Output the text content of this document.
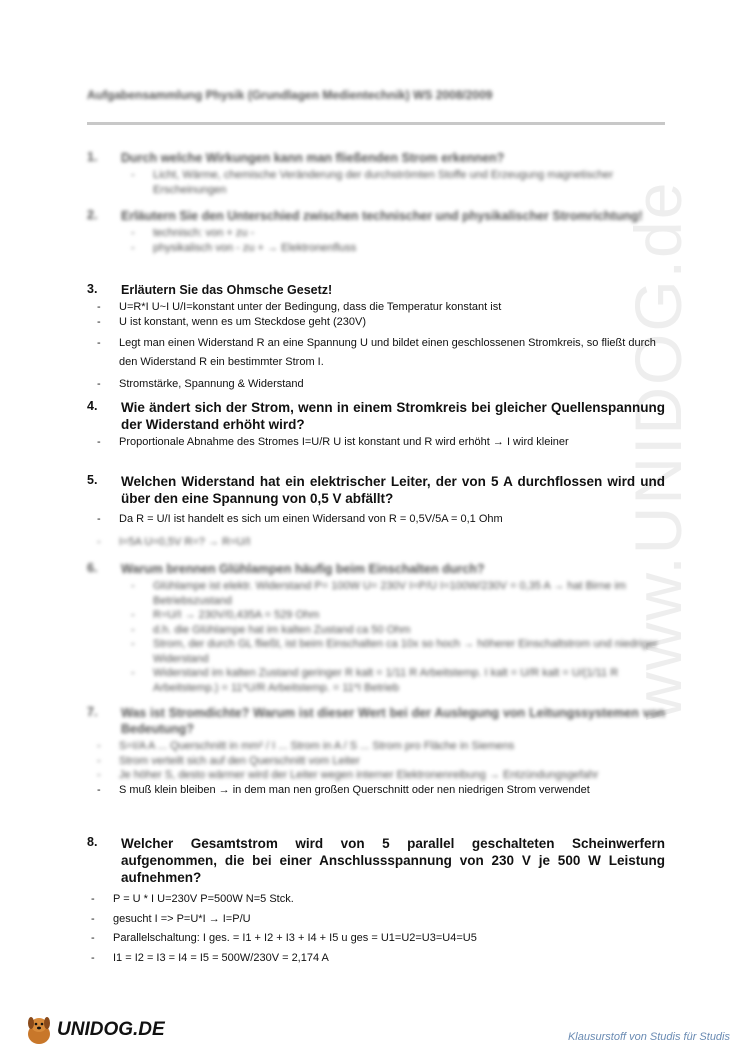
Aufgabensammlung Physik (Grundlagen Medientechnik) WS 2008/2009
www.UNIDOG.de
1. Durch welche Wirkungen kann man fließenden Strom erkennen?
- Licht, Wärme, chemische Veränderung der durchströmten Stoffe und Erzeugung magnetischer Erscheinungen
2. Erläutern Sie den Unterschied zwischen technischer und physikalischer Stromrichtung!
- technisch: von + zu -
- physikalisch von - zu + → Elektronenfluss
3. Erläutern Sie das Ohmsche Gesetz!
- U=R*I U~I U/I=konstant unter der Bedingung, dass die Temperatur konstant ist
- U ist konstant, wenn es um Steckdose geht (230V)
- Legt man einen Widerstand R an eine Spannung U und bildet einen geschlossenen Stromkreis, so fließt durch den Widerstand R ein bestimmter Strom I.
- Stromstärke, Spannung & Widerstand
4. Wie ändert sich der Strom, wenn in einem Stromkreis bei gleicher Quellenspannung der Widerstand erhöht wird?
- Proportionale Abnahme des Stromes I=U/R U ist konstant und R wird erhöht → I wird kleiner
5. Welchen Widerstand hat ein elektrischer Leiter, der von 5 A durchflossen wird und über den eine Spannung von 0,5 V abfällt?
- Da R = U/I ist handelt es sich um einen Widersand von R = 0,5V/5A = 0,1 Ohm
- I=5A U=0,5V R=? → R=U/I
6. Warum brennen Glühlampen häufig beim Einschalten durch?
- Glühlampe ist elektr. Widerstand P= 100W U= 230V I=P/U I=100W/230V = 0,35 A → hat Birne im Betriebszustand
- R=U/I → 230V/0,435A = 529 Ohm
- d.h. die Glühlampe hat im kalten Zustand ca 50 Ohm
- Strom, der durch GL fließt, ist beim Einschalten ca 10x so hoch → höherer Einschaltstrom und niedriger Widerstand
- Widerstand im kalten Zustand geringer R kalt = 1/11 R Arbeitstemp. I kalt = U/R kalt = U/(1/11 R Arbeitstemp.) = 11*U/R Arbeitstemp. = 11*I Betrieb
7. Was ist Stromdichte? Warum ist dieser Wert bei der Auslegung von Leitungssystemen von Bedeutung?
- S=I/A A ... Querschnitt in mm² / I ... Strom in A / S ... Strom pro Fläche in Siemens
- Strom verteilt sich auf den Querschnitt vom Leiter
- Je höher S, desto wärmer wird der Leiter wegen interner Elektronenreibung → Entzündungsgefahr
- S muß klein bleiben → in dem man nen großen Querschnitt oder nen niedrigen Strom verwendet
8. Welcher Gesamtstrom wird von 5 parallel geschalteten Scheinwerfern aufgenommen, die bei einer Anschlussspannung von 230 V je 500 W Leistung aufnehmen?
- P = U * I U=230V P=500W N=5 Stck.
- gesucht I => P=U*I → I=P/U
- Parallelschaltung: I ges. = I1 + I2 + I3 + I4 + I5 u ges = U1=U2=U3=U4=U5
- I1 = I2 = I3 = I4 = I5 = 500W/230V = 2,174 A
UNIDOG.DE	Klausurstoff von Studis für Studis
